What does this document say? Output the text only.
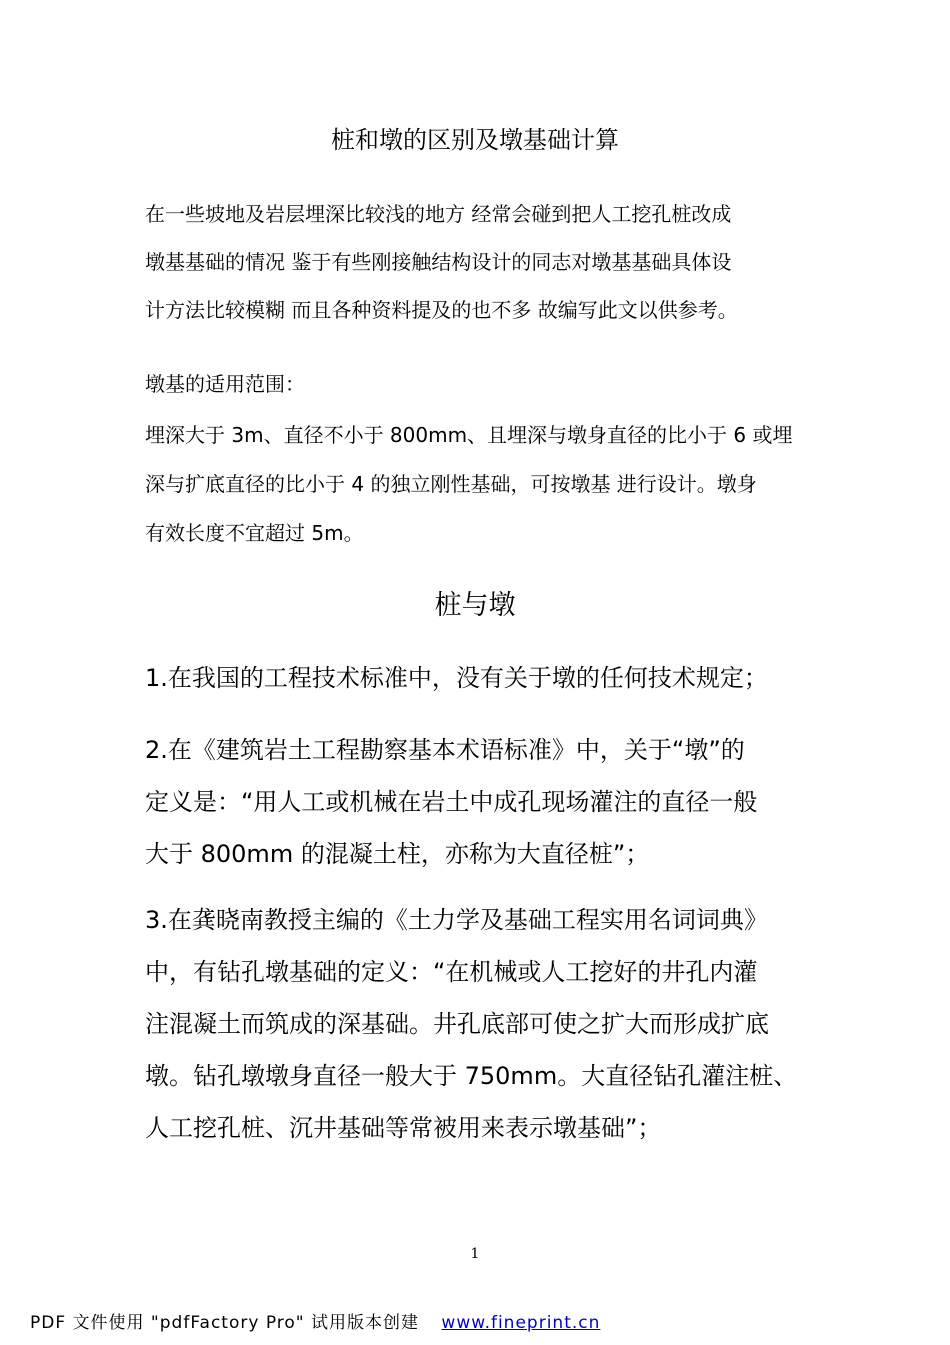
桩和墩的区别及墩基础计算

在一些坡地及岩层埋深比较浅的地方 经常会碰到把人工挖孔桩改成
墩基基础的情况 鉴于有些刚接触结构设计的同志对墩基基础具体设
计方法比较模糊 而且各种资料提及的也不多 故编写此文以供参考。

墩基的适用范围：

埋深大于 3m、直径不小于 800mm、且埋深与墩身直径的比小于 6 或埋
深与扩底直径的比小于 4 的独立刚性基础，可按墩基 进行设计。墩身
有效长度不宜超过 5m。

桩与墩

1.在我国的工程技术标准中，没有关于墩的任何技术规定；

2.在《建筑岩土工程勘察基本术语标准》中，关于“墩”的
定义是：“用人工或机械在岩土中成孔现场灌注的直径一般
大于 800mm 的混凝土柱，亦称为大直径桩”；

3.在龚晓南教授主编的《土力学及基础工程实用名词词典》
中，有钻孔墩基础的定义：“在机械或人工挖好的井孔内灌
注混凝土而筑成的深基础。井孔底部可使之扩大而形成扩底
墩。钻孔墩墩身直径一般大于 750mm。大直径钻孔灌注桩、
人工挖孔桩、沉井基础等常被用来表示墩基础”；

1
PDF 文件使用 "pdfFactory Pro" 试用版本创建 www.fineprint.cn
